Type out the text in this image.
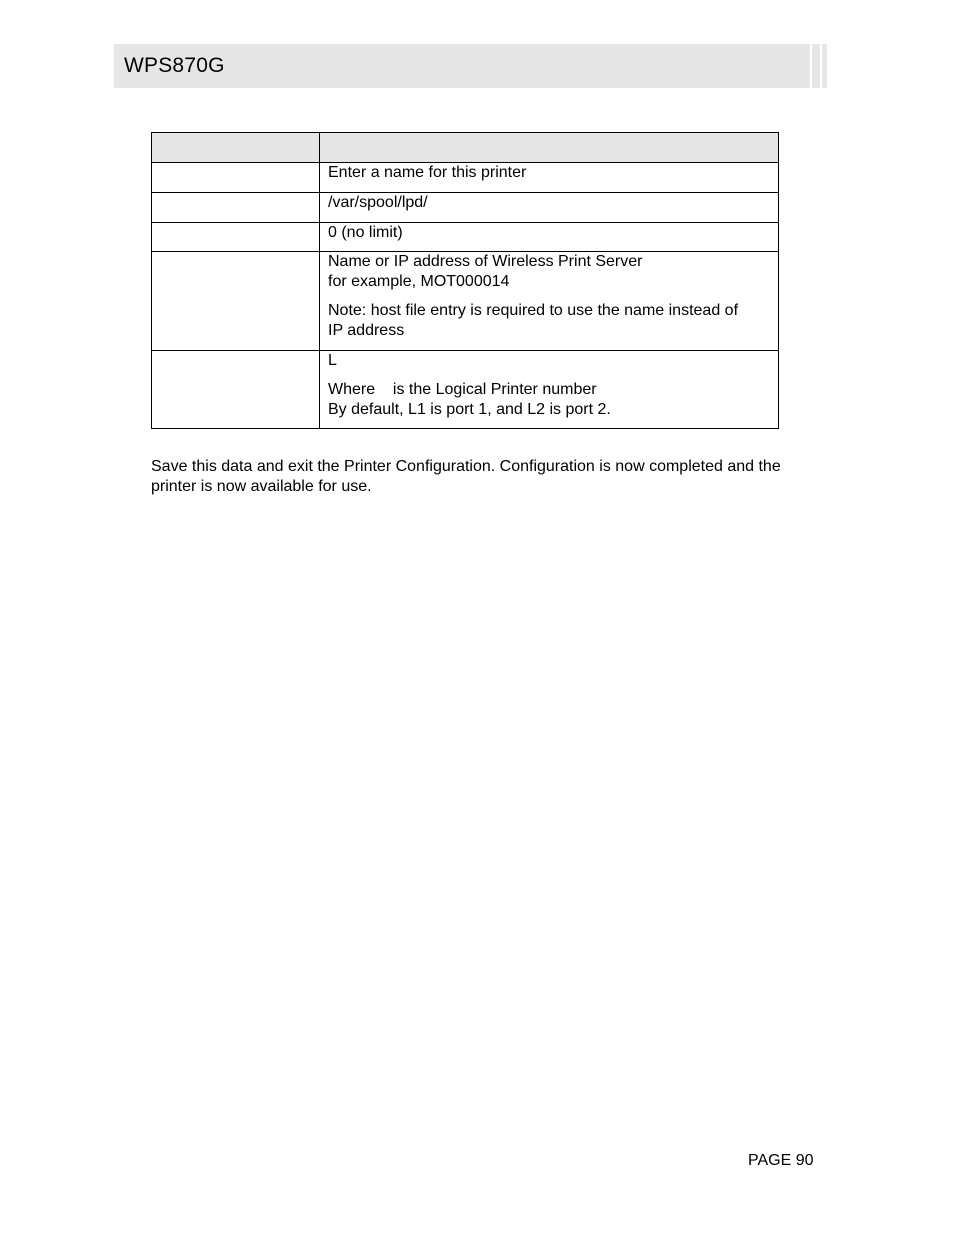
WPS870G

	Enter a name for this printer

	/var/spool/lpd/

	0 (no limit)

	Name or IP address of Wireless Print Server
for example, MOT000014
Note: host file entry is required to use the name instead of
IP address

	L
Where    is the Logical Printer number
By default, L1 is port 1, and L2 is port 2.

Save this data and exit the Printer Configuration. Configuration is now completed and the printer is now available for use.

PAGE 90
